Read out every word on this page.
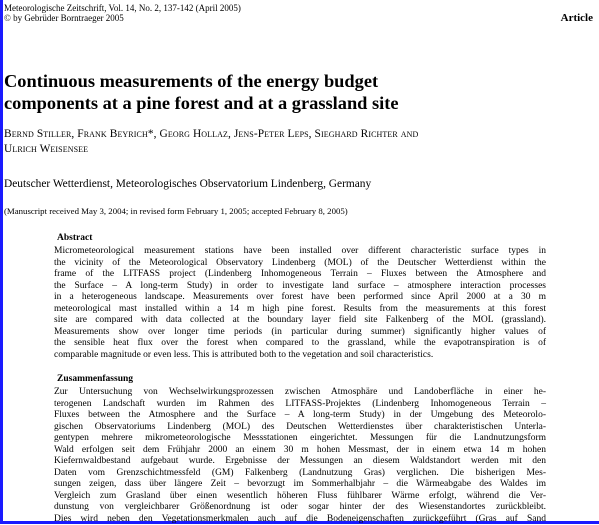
Meteorologische Zeitschrift, Vol. 14, No. 2, 137-142 (April 2005)
© by Gebrüder Borntraeger 2005	Article
Continuous measurements of the energy budget
components at a pine forest and at a grassland site
Bernd Stiller, Frank Beyrich*, Georg Hollaz, Jens-Peter Leps, Sieghard Richter and
Ulrich Weisensee
Deutscher Wetterdienst, Meteorologisches Observatorium Lindenberg, Germany
(Manuscript received May 3, 2004; in revised form February 1, 2005; accepted February 8, 2005)
Abstract
Micrometeorological measurement stations have been installed over different characteristic surface types in
the vicinity of the Meteorological Observatory Lindenberg (MOL) of the Deutscher Wetterdienst within the
frame of the LITFASS project (Lindenberg Inhomogeneous Terrain – Fluxes between the Atmosphere and
the Surface – A long-term Study) in order to investigate land surface – atmosphere interaction processes
in a heterogeneous landscape. Measurements over forest have been performed since April 2000 at a 30 m
meteorological mast installed within a 14 m high pine forest. Results from the measurements at this forest
site are compared with data collected at the boundary layer field site Falkenberg of the MOL (grassland).
Measurements show over longer time periods (in particular during summer) significantly higher values of
the sensible heat flux over the forest when compared to the grassland, while the evapotranspiration is of
comparable magnitude or even less. This is attributed both to the vegetation and soil characteristics.
Zusammenfassung
Zur Untersuchung von Wechselwirkungsprozessen zwischen Atmosphäre und Landoberfläche in einer he-
terogenen Landschaft wurden im Rahmen des LITFASS-Projektes (Lindenberg Inhomogeneous Terrain –
Fluxes between the Atmosphere and the Surface – A long-term Study) in der Umgebung des Meteorolo-
gischen Observatoriums Lindenberg (MOL) des Deutschen Wetterdienstes über charakteristischen Unterla-
gentypen mehrere mikrometeorologische Messstationen eingerichtet. Messungen für die Landnutzungsform
Wald erfolgen seit dem Frühjahr 2000 an einem 30 m hohen Messmast, der in einem etwa 14 m hohen
Kiefernwaldbestand aufgebaut wurde. Ergebnisse der Messungen an diesem Waldstandort werden mit den
Daten vom Grenzschichtmessfeld (GM) Falkenberg (Landnutzung Gras) verglichen. Die bisherigen Mes-
sungen zeigen, dass über längere Zeit – bevorzugt im Sommerhalbjahr – die Wärmeabgabe des Waldes im
Vergleich zum Grasland über einen wesentlich höheren Fluss fühlbarer Wärme erfolgt, während die Ver-
dunstung von vergleichbarer Größenordnung ist oder sogar hinter der des Wiesenstandortes zurückbleibt.
Dies wird neben den Vegetationsmerkmalen auch auf die Bodeneigenschaften zurückgeführt (Gras auf Sand
